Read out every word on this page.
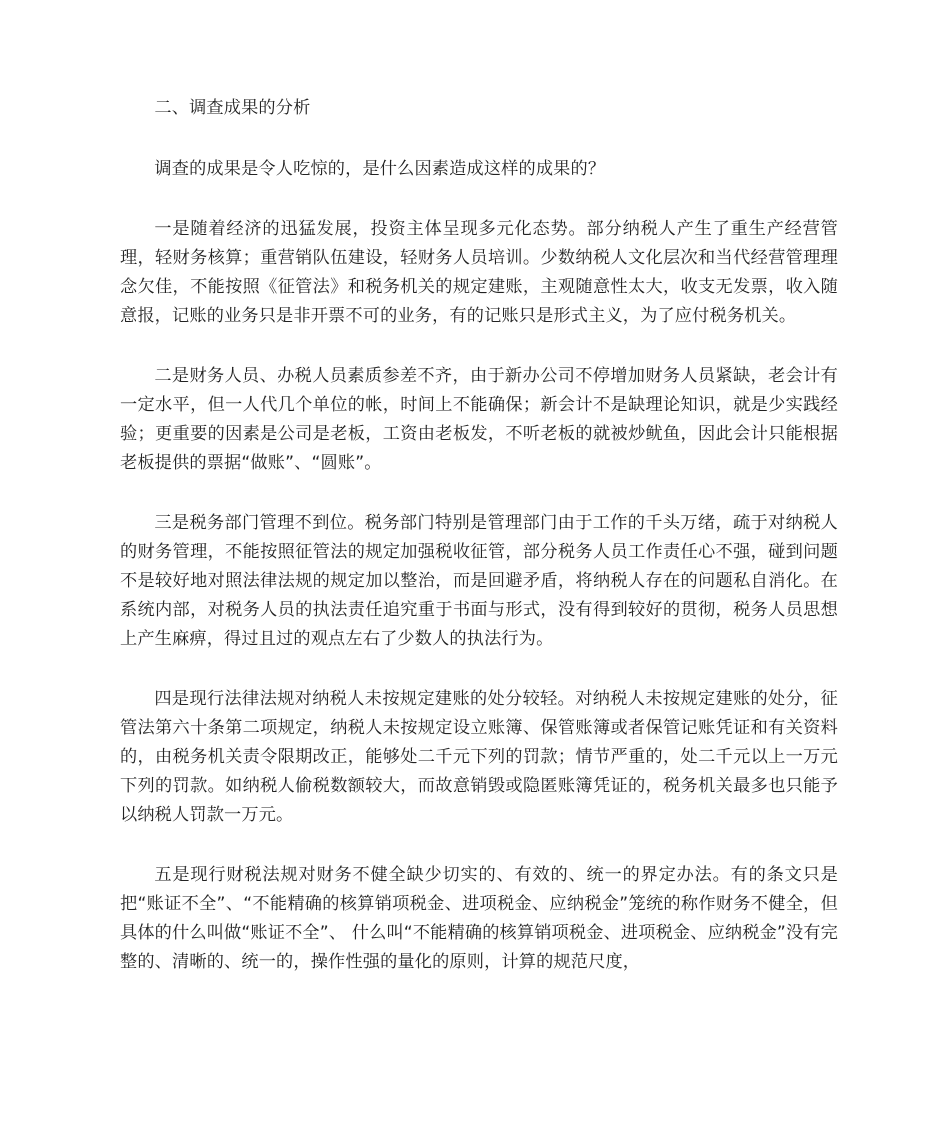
二、调查成果的分析

调查的成果是令人吃惊的，是什么因素造成这样的成果的？

一是随着经济的迅猛发展，投资主体呈现多元化态势。部分纳税人产生了重生产经营管理，轻财务核算；重营销队伍建设，轻财务人员培训。少数纳税人文化层次和当代经营管理理念欠佳，不能按照《征管法》和税务机关的规定建账，主观随意性太大，收支无发票，收入随意报，记账的业务只是非开票不可的业务，有的记账只是形式主义，为了应付税务机关。

二是财务人员、办税人员素质参差不齐，由于新办公司不停增加财务人员紧缺，老会计有一定水平，但一人代几个单位的帐，时间上不能确保；新会计不是缺理论知识，就是少实践经验；更重要的因素是公司是老板，工资由老板发，不听老板的就被炒鱿鱼，因此会计只能根据老板提供的票据“做账”、“圆账”。

三是税务部门管理不到位。税务部门特别是管理部门由于工作的千头万绪，疏于对纳税人的财务管理，不能按照征管法的规定加强税收征管，部分税务人员工作责任心不强，碰到问题不是较好地对照法律法规的规定加以整治，而是回避矛盾，将纳税人存在的问题私自消化。在系统内部，对税务人员的执法责任追究重于书面与形式，没有得到较好的贯彻，税务人员思想上产生麻痹，得过且过的观点左右了少数人的执法行为。

四是现行法律法规对纳税人未按规定建账的处分较轻。对纳税人未按规定建账的处分，征管法第六十条第二项规定，纳税人未按规定设立账簿、保管账簿或者保管记账凭证和有关资料的，由税务机关责令限期改正，能够处二千元下列的罚款；情节严重的，处二千元以上一万元下列的罚款。如纳税人偷税数额较大，而故意销毁或隐匿账簿凭证的，税务机关最多也只能予以纳税人罚款一万元。

五是现行财税法规对财务不健全缺少切实的、有效的、统一的界定办法。有的条文只是把“账证不全”、“不能精确的核算销项税金、进项税金、应纳税金”笼统的称作财务不健全，但具体的什么叫做“账证不全”、 什么叫“不能精确的核算销项税金、进项税金、应纳税金”没有完整的、清晰的、统一的，操作性强的量化的原则，计算的规范尺度，
